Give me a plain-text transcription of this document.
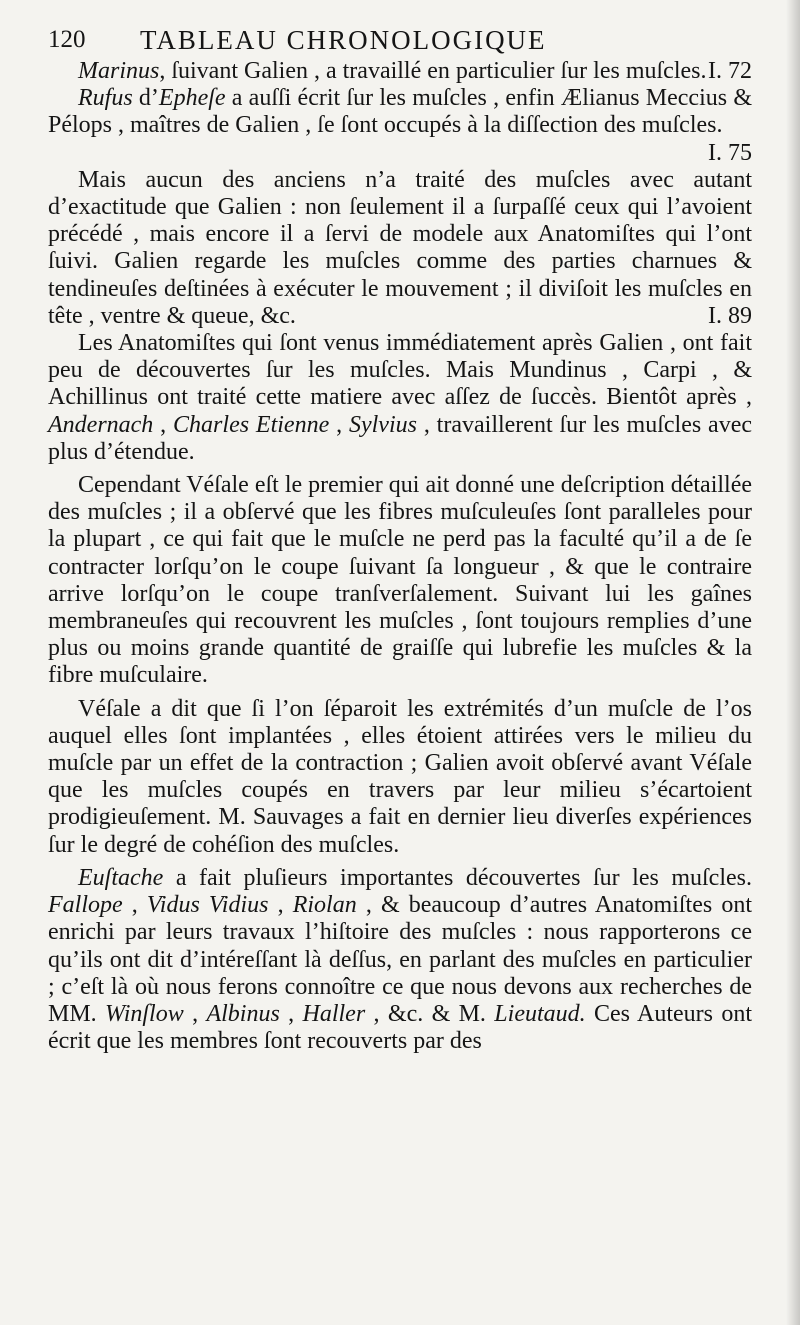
120 TABLEAU CHRONOLOGIQUE

Marinus, ſuivant Galien , a travaillé en particulier ſur les muſcles. I. 72

Rufus d’Epheſe a auſſi écrit ſur les muſcles , enfin Ælianus Meccius & Pélops , maîtres de Galien , ſe ſont occupés à la diſſection des muſcles.
I. 75

Mais aucun des anciens n’a traité des muſcles avec autant d’exactitude que Galien : non ſeulement il a ſurpaſſé ceux qui l’avoient précédé , mais encore il a ſervi de modele aux Anatomiſtes qui l’ont ſuivi. Galien regarde les muſcles comme des parties charnues & tendineuſes deſtinées à exécuter le mouvement ; il diviſoit les muſcles en tête , ventre & queue, &c.	I. 89

Les Anatomiſtes qui ſont venus immédiatement après Galien , ont fait peu de découvertes ſur les muſcles. Mais Mundinus , Carpi , & Achillinus ont traité cette matiere avec aſſez de ſuccès. Bientôt après , Andernach , Charles Etienne , Sylvius , travaillerent ſur les muſcles avec plus d’étendue.

Cependant Véſale eſt le premier qui ait donné une deſcription détaillée des muſcles ; il a obſervé que les fibres muſculeuſes ſont paralleles pour la plupart , ce qui fait que le muſcle ne perd pas la faculté qu’il a de ſe contracter lorſqu’on le coupe ſuivant ſa longueur , & que le contraire arrive lorſqu’on le coupe tranſverſalement. Suivant lui les gaînes membraneuſes qui recouvrent les muſcles , ſont toujours remplies d’une plus ou moins grande quantité de graiſſe qui lubrefie les muſcles & la fibre muſculaire.

Véſale a dit que ſi l’on ſéparoit les extrémités d’un muſcle de l’os auquel elles ſont implantées , elles étoient attirées vers le milieu du muſcle par un effet de la contraction ; Galien avoit obſervé avant Véſale que les muſcles coupés en travers par leur milieu s’écartoient prodigieuſement. M. Sauvages a fait en dernier lieu diverſes expériences ſur le degré de cohéſion des muſcles.

Euſtache a fait pluſieurs importantes découvertes ſur les muſcles. Fallope , Vidus Vidius , Riolan , & beaucoup d’autres Anatomiſtes ont enrichi par leurs travaux l’hiſtoire des muſcles : nous rapporterons ce qu’ils ont dit d’intéreſſant là deſſus, en parlant des muſcles en particulier ; c’eſt là où nous ferons connoître ce que nous devons aux recherches de MM. Winſlow , Albinus , Haller , &c. & M. Lieutaud. Ces Auteurs ont écrit que les membres ſont recouverts par des
